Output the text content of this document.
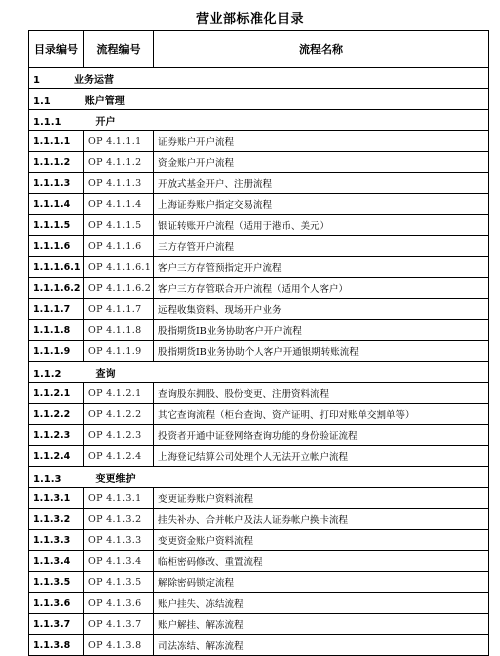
营业部标准化目录
目录编号	流程编号	流程名称
1 业务运营		
1.1 账户管理		
1.1.1 开户		
1.1.1.1	OP 4.1.1.1	证券账户开户流程
1.1.1.2	OP 4.1.1.2	资金账户开户流程
1.1.1.3	OP 4.1.1.3	开放式基金开户、注册流程
1.1.1.4	OP 4.1.1.4	上海证券账户指定交易流程
1.1.1.5	OP 4.1.1.5	银证转账开户流程（适用于港币、美元）
1.1.1.6	OP 4.1.1.6	三方存管开户流程
1.1.1.6.1	OP 4.1.1.6.1	客户三方存管预指定开户流程
1.1.1.6.2	OP 4.1.1.6.2	客户三方存管联合开户流程（适用个人客户）
1.1.1.7	OP 4.1.1.7	远程收集资料、现场开户业务
1.1.1.8	OP 4.1.1.8	股指期货IB业务协助客户开户流程
1.1.1.9	OP 4.1.1.9	股指期货IB业务协助个人客户开通银期转账流程
1.1.2 查询		
1.1.2.1	OP 4.1.2.1	查询股东拥股、股份变更、注册资料流程
1.1.2.2	OP 4.1.2.2	其它查询流程（柜台查询、资产证明、打印对账单交割单等）
1.1.2.3	OP 4.1.2.3	投资者开通中证登网络查询功能的身份验证流程
1.1.2.4	OP 4.1.2.4	上海登记结算公司处理个人无法开立帐户流程
1.1.3 变更维护		
1.1.3.1	OP 4.1.3.1	变更证券账户资料流程
1.1.3.2	OP 4.1.3.2	挂失补办、合并帐户及法人证券帐户换卡流程
1.1.3.3	OP 4.1.3.3	变更资金账户资料流程
1.1.3.4	OP 4.1.3.4	临柜密码修改、重置流程
1.1.3.5	OP 4.1.3.5	解除密码锁定流程
1.1.3.6	OP 4.1.3.6	账户挂失、冻结流程
1.1.3.7	OP 4.1.3.7	账户解挂、解冻流程
1.1.3.8	OP 4.1.3.8	司法冻结、解冻流程
